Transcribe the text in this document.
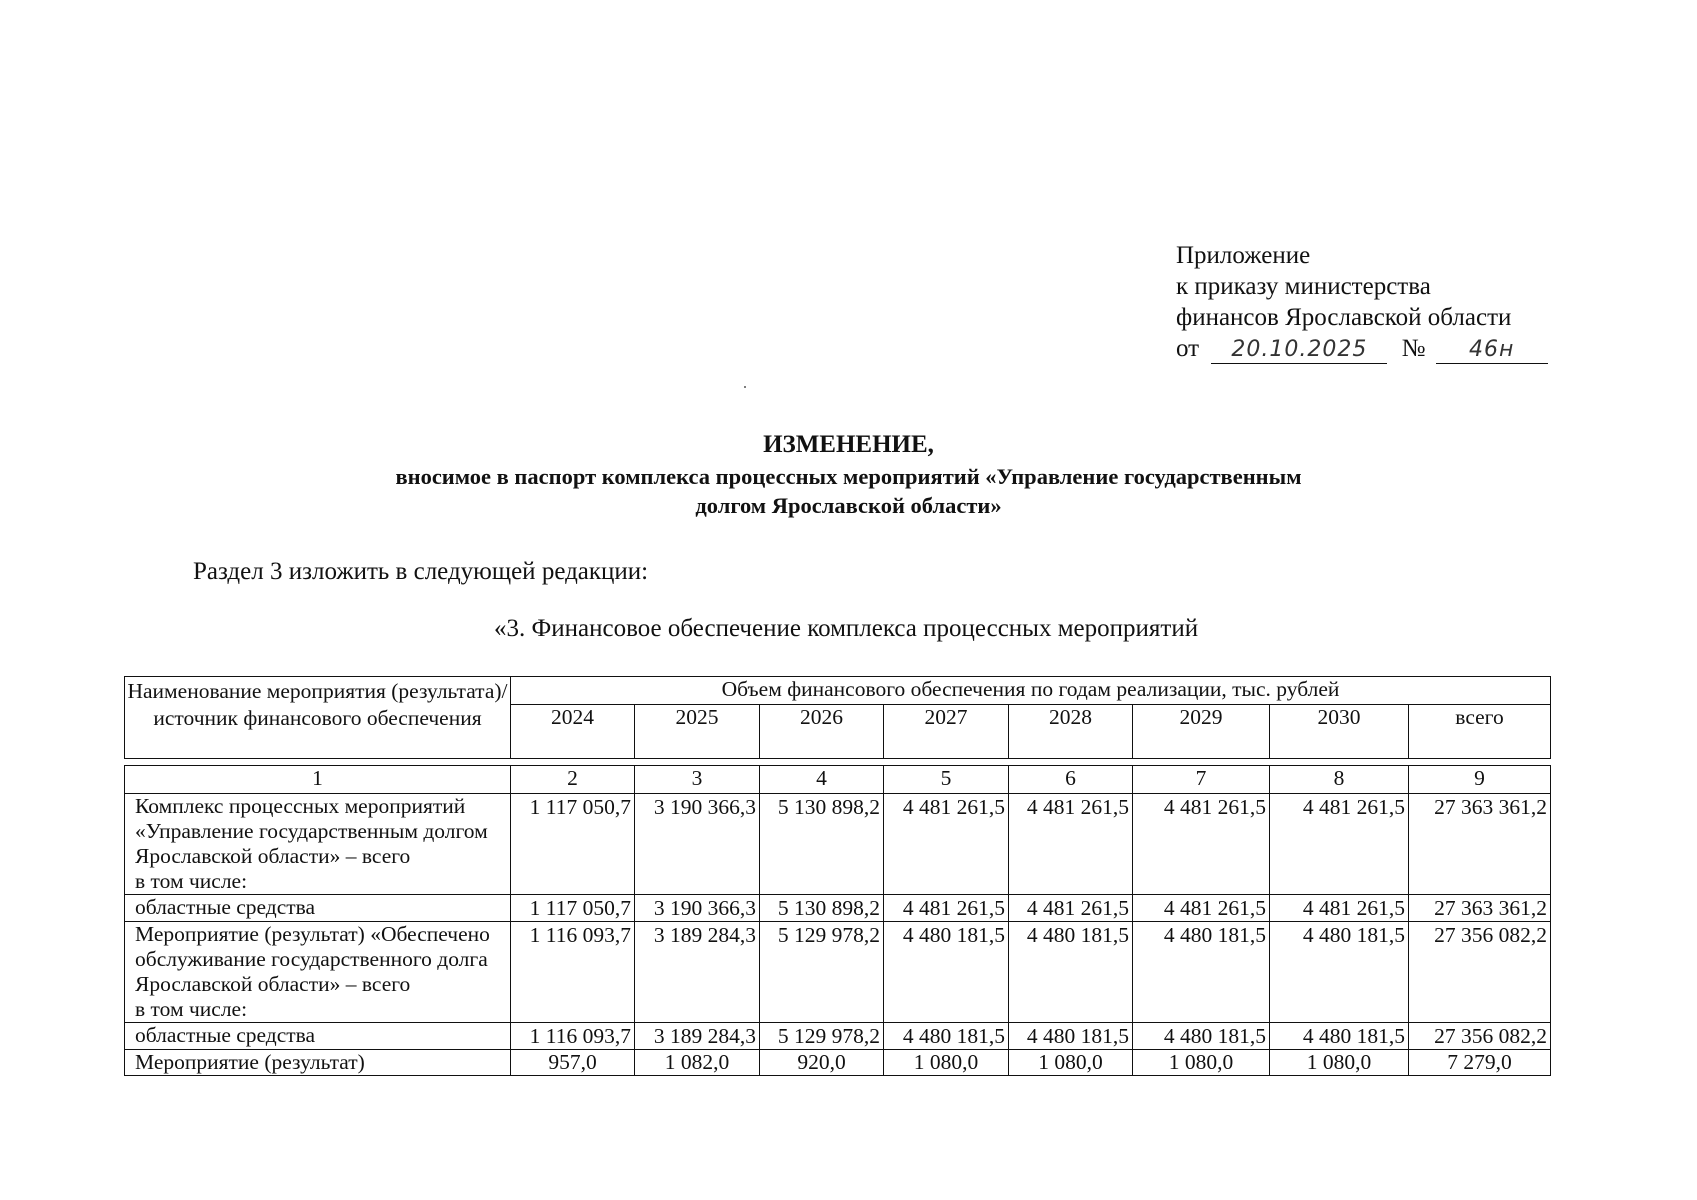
Приложение
к приказу министерства
финансов Ярославской области
от 20.10.2025 № 46н
ИЗМЕНЕНИЕ,
вносимое в паспорт комплекса процессных мероприятий «Управление государственным
долгом Ярославской области»
Раздел 3 изложить в следующей редакции:
«3. Финансовое обеспечение комплекса процессных мероприятий
Наименование мероприятия (результата)/ источник финансового обеспечения	Объем финансового обеспечения по годам реализации, тыс. рублей							
	2024	2025	2026	2027	2028	2029	2030	всего
1	2	3	4	5	6	7	8	9
Комплекс процессных мероприятий «Управление государственным долгом Ярославской области» – всего
в том числе:	1 117 050,7	3 190 366,3	5 130 898,2	4 481 261,5	4 481 261,5	4 481 261,5	4 481 261,5	27 363 361,2
областные средства	1 117 050,7	3 190 366,3	5 130 898,2	4 481 261,5	4 481 261,5	4 481 261,5	4 481 261,5	27 363 361,2
Мероприятие (результат) «Обеспечено обслуживание государственного долга Ярославской области» – всего
в том числе:	1 116 093,7	3 189 284,3	5 129 978,2	4 480 181,5	4 480 181,5	4 480 181,5	4 480 181,5	27 356 082,2
областные средства	1 116 093,7	3 189 284,3	5 129 978,2	4 480 181,5	4 480 181,5	4 480 181,5	4 480 181,5	27 356 082,2
Мероприятие (результат)	957,0	1 082,0	920,0	1 080,0	1 080,0	1 080,0	1 080,0	7 279,0
